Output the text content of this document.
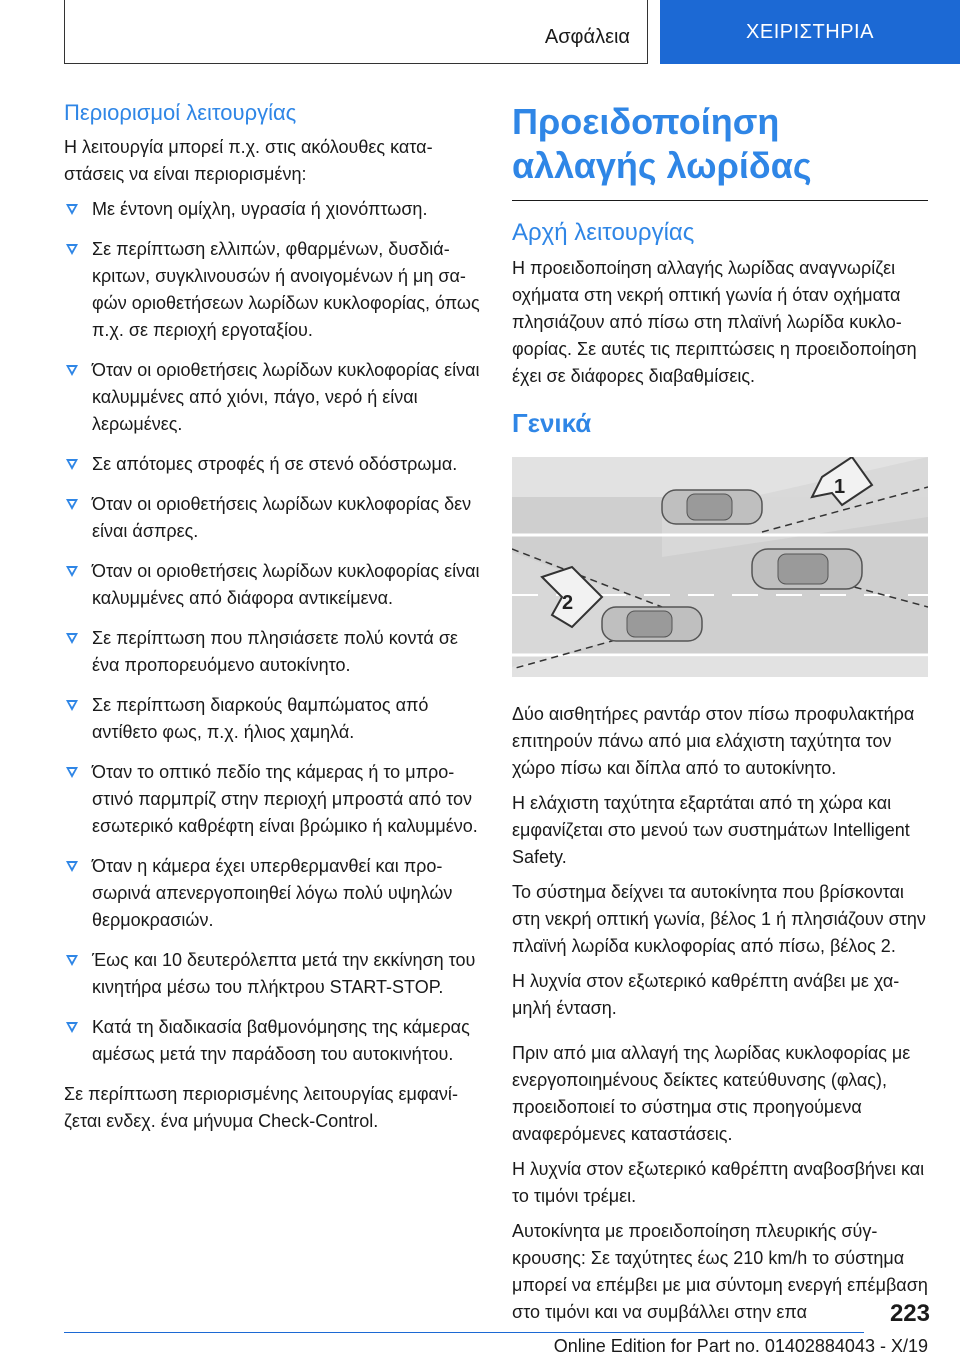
Ασφάλεια	ΧΕΙΡΙΣΤΗΡΙΑ
Περιορισμοί λειτουργίας

Η λειτουργία μπορεί π.χ. στις ακόλουθες καταστάσεις να είναι περιορισμένη:

Με έντονη ομίχλη, υγρασία ή χιονόπτωση.
Σε περίπτωση ελλιπών, φθαρμένων, δυσδιάκριτων, συγκλινουσών ή ανοιγομένων ή μη σαφών οριοθετήσεων λωρίδων κυκλοφορίας, όπως π.χ. σε περιοχή εργοταξίου.
Όταν οι οριοθετήσεις λωρίδων κυκλοφορίας είναι καλυμμένες από χιόνι, πάγο, νερό ή είναι λερωμένες.
Σε απότομες στροφές ή σε στενό οδόστρωμα.
Όταν οι οριοθετήσεις λωρίδων κυκλοφορίας δεν είναι άσπρες.
Όταν οι οριοθετήσεις λωρίδων κυκλοφορίας είναι καλυμμένες από διάφορα αντικείμενα.
Σε περίπτωση που πλησιάσετε πολύ κοντά σε ένα προπορευόμενο αυτοκίνητο.
Σε περίπτωση διαρκούς θαμπώματος από αντίθετο φως, π.χ. ήλιος χαμηλά.
Όταν το οπτικό πεδίο της κάμερας ή το μπροστινό παρμπρίζ στην περιοχή μπροστά από τον εσωτερικό καθρέφτη είναι βρώμικο ή καλυμμένο.
Όταν η κάμερα έχει υπερθερμανθεί και προσωρινά απενεργοποιηθεί λόγω πολύ υψηλών θερμοκρασιών.
Έως και 10 δευτερόλεπτα μετά την εκκίνηση του κινητήρα μέσω του πλήκτρου START-STOP.
Κατά τη διαδικασία βαθμονόμησης της κάμερας αμέσως μετά την παράδοση του αυτοκινήτου.

Σε περίπτωση περιορισμένης λειτουργίας εμφανίζεται ενδεχ. ένα μήνυμα Check-Control.

Προειδοποίηση αλλαγής λωρίδας
Αρχή λειτουργίας

Η προειδοποίηση αλλαγής λωρίδας αναγνωρίζει οχήματα στη νεκρή οπτική γωνία ή όταν οχήματα πλησιάζουν από πίσω στη πλαϊνή λωρίδα κυκλοφορίας. Σε αυτές τις περιπτώσεις η προειδοποίηση έχει σε διάφορες διαβαθμίσεις.

Γενικά
1
2

Δύο αισθητήρες ραντάρ στον πίσω προφυλακτήρα επιτηρούν πάνω από μια ελάχιστη ταχύτητα τον χώρο πίσω και δίπλα από το αυτοκίνητο.

Η ελάχιστη ταχύτητα εξαρτάται από τη χώρα και εμφανίζεται στο μενού των συστημάτων Intelligent Safety.

Το σύστημα δείχνει τα αυτοκίνητα που βρίσκονται στη νεκρή οπτική γωνία, βέλος 1 ή πλησιάζουν στην πλαϊνή λωρίδα κυκλοφορίας από πίσω, βέλος 2.

Η λυχνία στον εξωτερικό καθρέπτη ανάβει με χαμηλή ένταση.

Πριν από μια αλλαγή της λωρίδας κυκλοφορίας με ενεργοποιημένους δείκτες κατεύθυνσης (φλας), προειδοποιεί το σύστημα στις προηγούμενα αναφερόμενες καταστάσεις.

Η λυχνία στον εξωτερικό καθρέπτη αναβοσβήνει και το τιμόνι τρέμει.

Αυτοκίνητα με προειδοποίηση πλευρικής σύγκρουσης: Σε ταχύτητες έως 210 km/h το σύστημα μπορεί να επέμβει με μια σύντομη ενεργή επέμβαση στο τιμόνι και να συμβάλλει στην επα	223
Online Edition for Part no. 01402884043 - X/19
